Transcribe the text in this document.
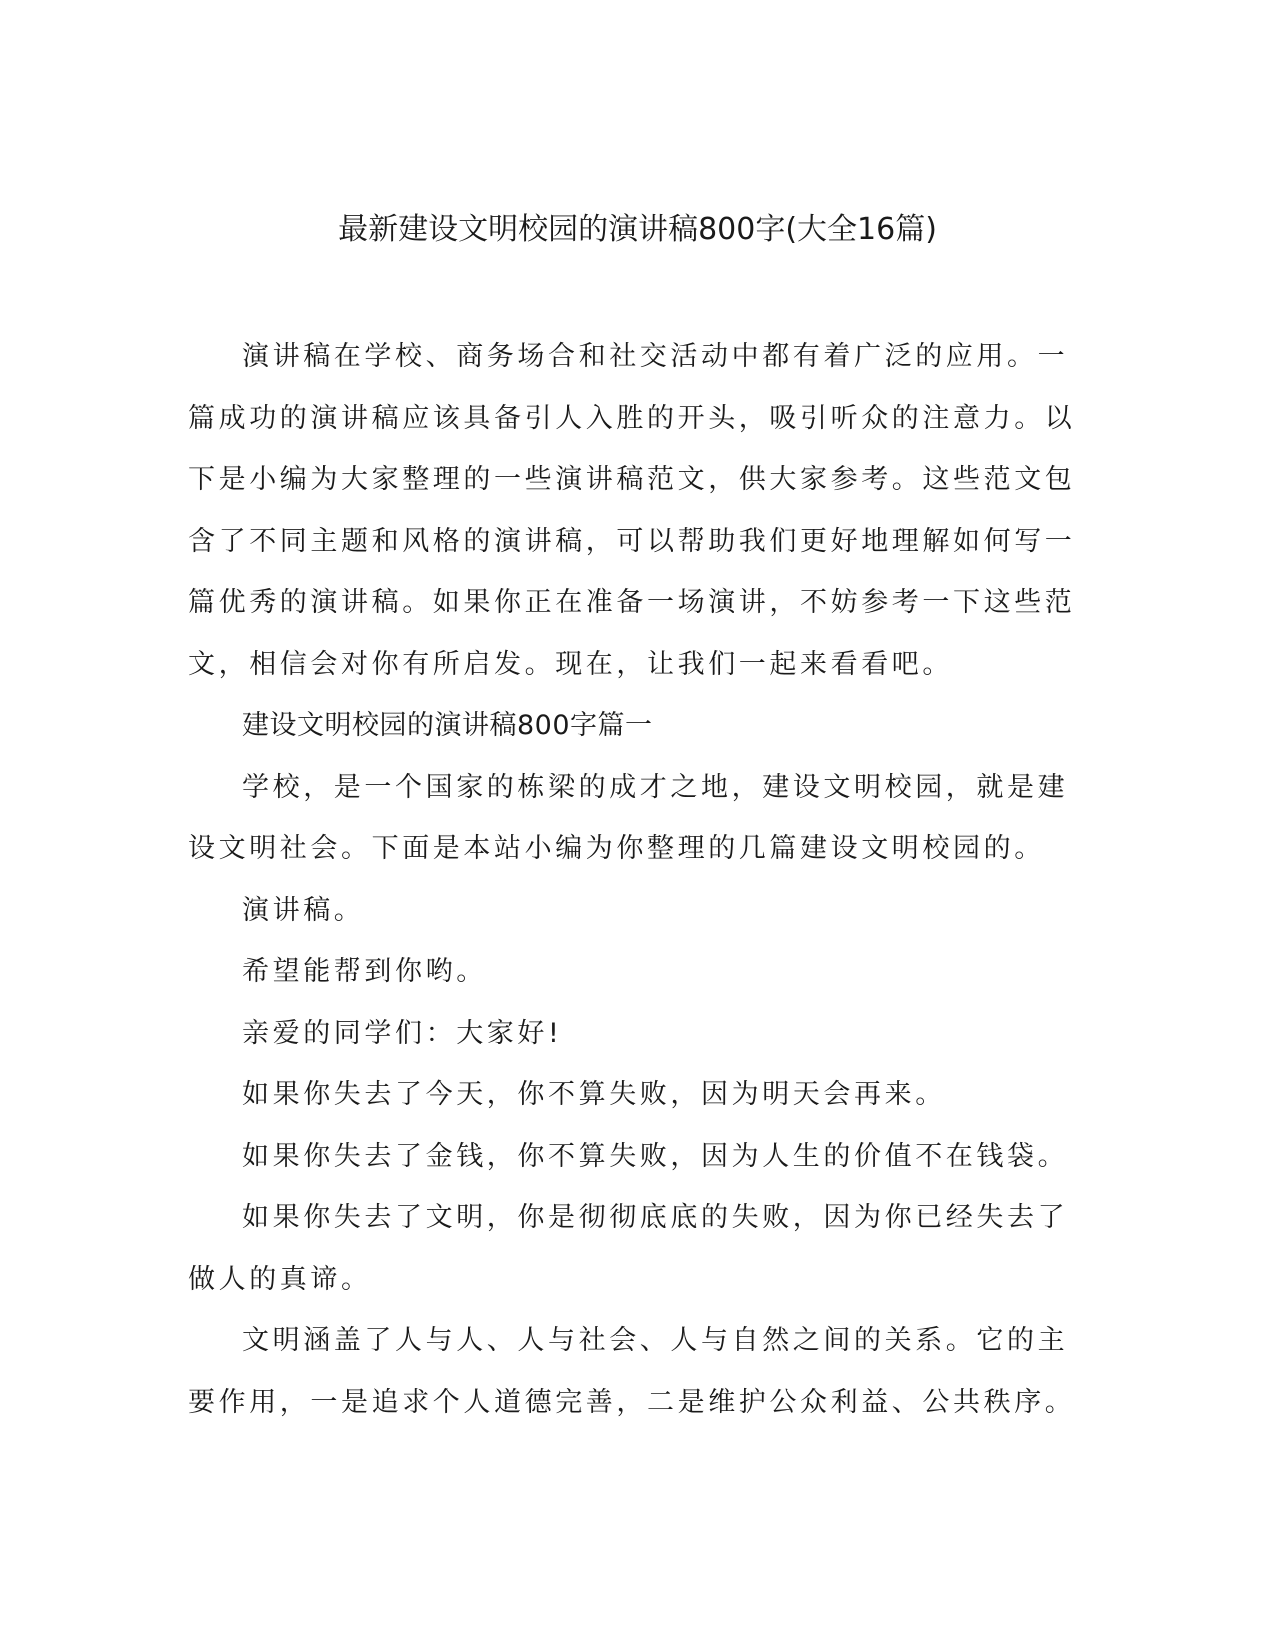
最新建设文明校园的演讲稿800字(大全16篇)

演讲稿在学校、商务场合和社交活动中都有着广泛的应用。一篇成功的演讲稿应该具备引人入胜的开头，吸引听众的注意力。以下是小编为大家整理的一些演讲稿范文，供大家参考。这些范文包含了不同主题和风格的演讲稿，可以帮助我们更好地理解如何写一篇优秀的演讲稿。如果你正在准备一场演讲，不妨参考一下这些范文，相信会对你有所启发。现在，让我们一起来看看吧。

建设文明校园的演讲稿800字篇一

学校，是一个国家的栋梁的成才之地，建设文明校园，就是建设文明社会。下面是本站小编为你整理的几篇建设文明校园的。

演讲稿。

希望能帮到你哟。

亲爱的同学们：大家好!

如果你失去了今天，你不算失败，因为明天会再来。

如果你失去了金钱，你不算失败，因为人生的价值不在钱袋。

如果你失去了文明，你是彻彻底底的失败，因为你已经失去了做人的真谛。

文明涵盖了人与人、人与社会、人与自然之间的关系。它的主要作用，一是追求个人道德完善，二是维护公众利益、公共秩序。
